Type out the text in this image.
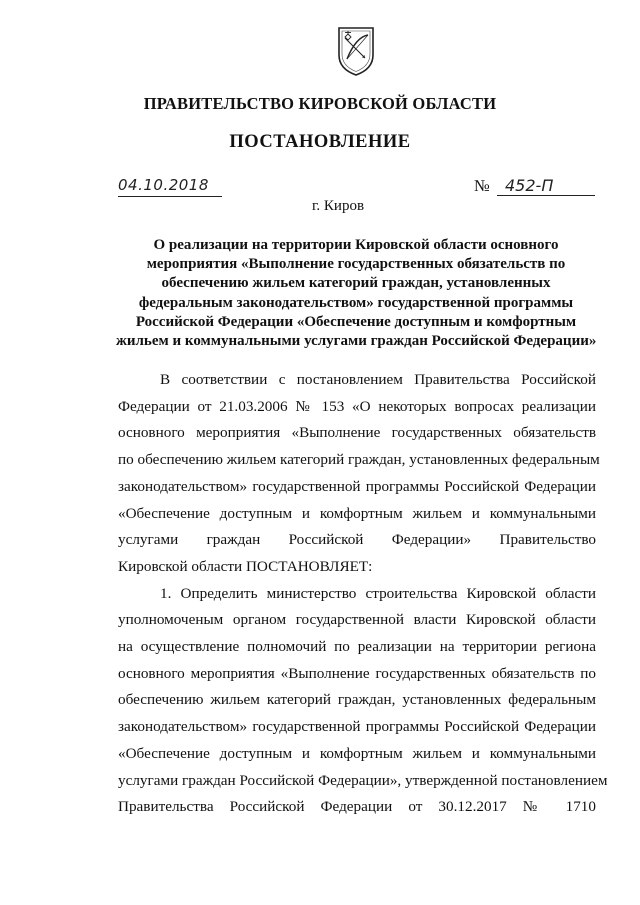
ПРАВИТЕЛЬСТВО КИРОВСКОЙ ОБЛАСТИ
ПОСТАНОВЛЕНИЕ
04.10.2018	№ 452-П
г. Киров
О реализации на территории Кировской области основного
мероприятия «Выполнение государственных обязательств по
обеспечению жильем категорий граждан, установленных
федеральным законодательством» государственной программы
Российской Федерации «Обеспечение доступным и комфортным
жильем и коммунальными услугами граждан Российской Федерации»
В соответствии с постановлением Правительства Российской
Федерации от 21.03.2006 № 153 «О некоторых вопросах реализации
основного мероприятия «Выполнение государственных обязательств
по обеспечению жильем категорий граждан, установленных федеральным
законодательством» государственной программы Российской Федерации
«Обеспечение доступным и комфортным жильем и коммунальными
услугами граждан Российской Федерации» Правительство
Кировской области ПОСТАНОВЛЯЕТ:
1. Определить министерство строительства Кировской области
уполномоченым органом государственной власти Кировской области
на осуществление полномочий по реализации на территории региона
основного мероприятия «Выполнение государственных обязательств по
обеспечению жильем категорий граждан, установленных федеральным
законодательством» государственной программы Российской Федерации
«Обеспечение доступным и комфортным жильем и коммунальными
услугами граждан Российской Федерации», утвержденной постановлением
Правительства Российской Федерации от 30.12.2017 № 1710
